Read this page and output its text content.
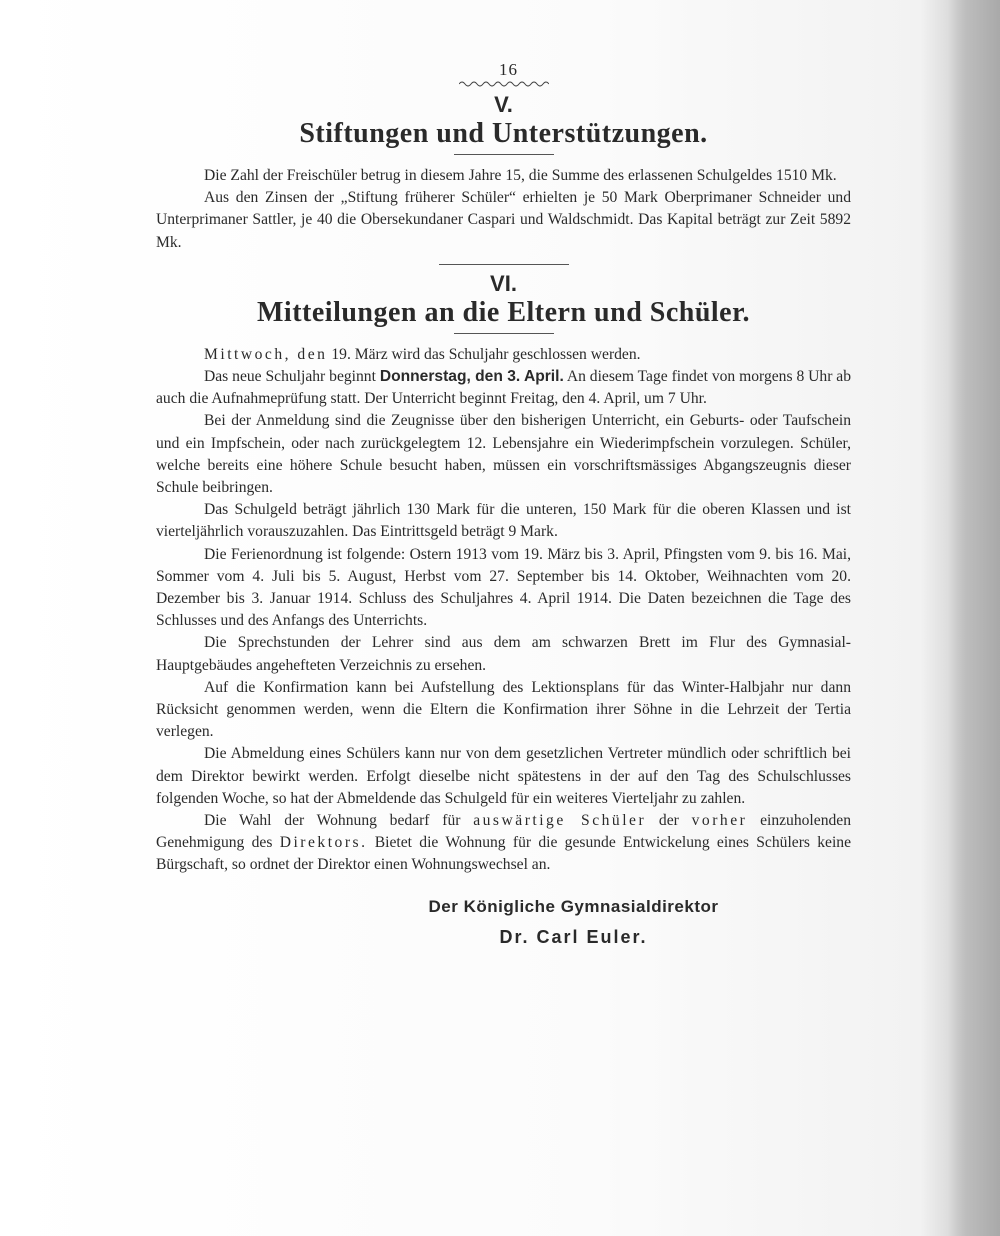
16
V.
Stiftungen und Unterstützungen.

Die Zahl der Freischüler betrug in diesem Jahre 15, die Summe des erlassenen Schulgeldes 1510 Mk.

Aus den Zinsen der „Stiftung früherer Schüler“ erhielten je 50 Mark Oberprimaner Schneider und Unterprimaner Sattler, je 40 die Obersekundaner Caspari und Waldschmidt. Das Kapital beträgt zur Zeit 5892 Mk.

VI.
Mitteilungen an die Eltern und Schüler.

Mittwoch, den 19. März wird das Schuljahr geschlossen werden.

Das neue Schuljahr beginnt Donnerstag, den 3. April. An diesem Tage findet von morgens 8 Uhr ab auch die Aufnahmeprüfung statt. Der Unterricht beginnt Freitag, den 4. April, um 7 Uhr.

Bei der Anmeldung sind die Zeugnisse über den bisherigen Unterricht, ein Geburts- oder Taufschein und ein Impfschein, oder nach zurückgelegtem 12. Lebensjahre ein Wiederimpfschein vorzulegen. Schüler, welche bereits eine höhere Schule besucht haben, müssen ein vorschriftsmässiges Abgangszeugnis dieser Schule beibringen.

Das Schulgeld beträgt jährlich 130 Mark für die unteren, 150 Mark für die oberen Klassen und ist vierteljährlich vorauszuzahlen. Das Eintrittsgeld beträgt 9 Mark.

Die Ferienordnung ist folgende: Ostern 1913 vom 19. März bis 3. April, Pfingsten vom 9. bis 16. Mai, Sommer vom 4. Juli bis 5. August, Herbst vom 27. September bis 14. Oktober, Weihnachten vom 20. Dezember bis 3. Januar 1914. Schluss des Schuljahres 4. April 1914. Die Daten bezeichnen die Tage des Schlusses und des Anfangs des Unterrichts.

Die Sprechstunden der Lehrer sind aus dem am schwarzen Brett im Flur des Gymnasial-Hauptgebäudes angehefteten Verzeichnis zu ersehen.

Auf die Konfirmation kann bei Aufstellung des Lektionsplans für das Winter-Halbjahr nur dann Rücksicht genommen werden, wenn die Eltern die Konfirmation ihrer Söhne in die Lehrzeit der Tertia verlegen.

Die Abmeldung eines Schülers kann nur von dem gesetzlichen Vertreter mündlich oder schriftlich bei dem Direktor bewirkt werden. Erfolgt dieselbe nicht spätestens in der auf den Tag des Schulschlusses folgenden Woche, so hat der Abmeldende das Schulgeld für ein weiteres Vierteljahr zu zahlen.

Die Wahl der Wohnung bedarf für auswärtige Schüler der vorher einzuholenden Genehmigung des Direktors. Bietet die Wohnung für die gesunde Entwickelung eines Schülers keine Bürgschaft, so ordnet der Direktor einen Wohnungswechsel an.

Der Königliche Gymnasialdirektor
Dr. Carl Euler.
